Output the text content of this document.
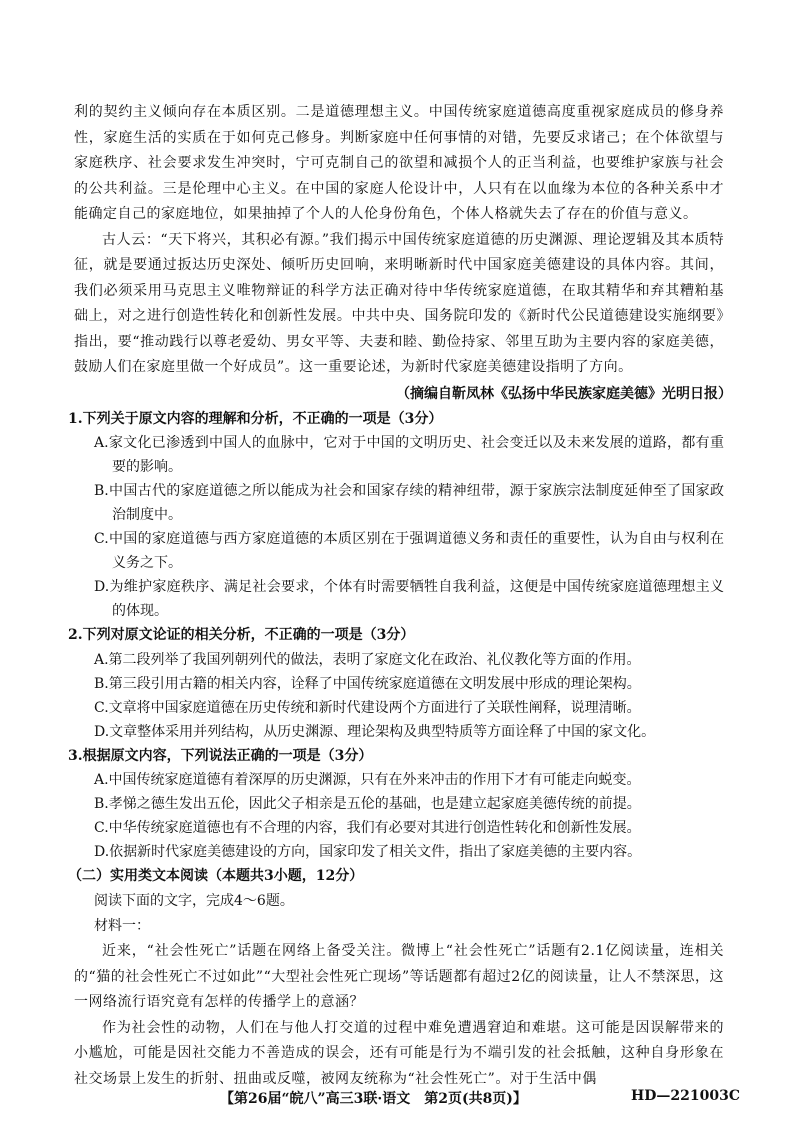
利的契约主义倾向存在本质区别。二是道德理想主义。中国传统家庭道德高度重视家庭成员的修身养性，家庭生活的实质在于如何克己修身。判断家庭中任何事情的对错，先要反求诸己；在个体欲望与家庭秩序、社会要求发生冲突时，宁可克制自己的欲望和减损个人的正当利益，也要维护家族与社会的公共利益。三是伦理中心主义。在中国的家庭人伦设计中，人只有在以血缘为本位的各种关系中才能确定自己的家庭地位，如果抽掉了个人的人伦身份角色，个体人格就失去了存在的价值与意义。

古人云：“天下将兴，其积必有源。”我们揭示中国传统家庭道德的历史渊源、理论逻辑及其本质特征，就是要通过扳达历史深处、倾听历史回响，来明晰新时代中国家庭美德建设的具体内容。其间，我们必须采用马克思主义唯物辩证的科学方法正确对待中华传统家庭道德，在取其精华和弃其糟粕基础上，对之进行创造性转化和创新性发展。中共中央、国务院印发的《新时代公民道德建设实施纲要》指出，要“推动践行以尊老爱幼、男女平等、夫妻和睦、勤俭持家、邻里互助为主要内容的家庭美德，鼓励人们在家庭里做一个好成员”。这一重要论述，为新时代家庭美德建设指明了方向。

（摘编自靳凤林《弘扬中华民族家庭美德》光明日报）

1.下列关于原文内容的理解和分析，不正确的一项是（3分）

A.家文化已渗透到中国人的血脉中，它对于中国的文明历史、社会变迁以及未来发展的道路，都有重要的影响。

B.中国古代的家庭道德之所以能成为社会和国家存续的精神纽带，源于家族宗法制度延伸至了国家政治制度中。

C.中国的家庭道德与西方家庭道德的本质区别在于强调道德义务和责任的重要性，认为自由与权利在义务之下。

D.为维护家庭秩序、满足社会要求，个体有时需要牺牲自我利益，这便是中国传统家庭道德理想主义的体现。

2.下列对原文论证的相关分析，不正确的一项是（3分）

A.第二段列举了我国列朝列代的做法，表明了家庭文化在政治、礼仪教化等方面的作用。

B.第三段引用古籍的相关内容，诠释了中国传统家庭道德在文明发展中形成的理论架构。

C.文章将中国家庭道德在历史传统和新时代建设两个方面进行了关联性阐释，说理清晰。

D.文章整体采用并列结构，从历史渊源、理论架构及典型特质等方面诠释了中国的家文化。

3.根据原文内容，下列说法正确的一项是（3分）

A.中国传统家庭道德有着深厚的历史渊源，只有在外来冲击的作用下才有可能走向蜕变。

B.孝悌之德生发出五伦，因此父子相亲是五伦的基础，也是建立起家庭美德传统的前提。

C.中华传统家庭道德也有不合理的内容，我们有必要对其进行创造性转化和创新性发展。

D.依据新时代家庭美德建设的方向，国家印发了相关文件，指出了家庭美德的主要内容。

（二）实用类文本阅读（本题共3小题，12分）

阅读下面的文字，完成4～6题。

材料一：

近来，“社会性死亡”话题在网络上备受关注。微博上“社会性死亡”话题有2.1亿阅读量，连相关的“猫的社会性死亡不过如此”“大型社会性死亡现场”等话题都有超过2亿的阅读量，让人不禁深思，这一网络流行语究竟有怎样的传播学上的意涵？

作为社会性的动物，人们在与他人打交道的过程中难免遭遇窘迫和难堪。这可能是因误解带来的小尴尬，可能是因社交能力不善造成的误会，还有可能是行为不端引发的社会抵触，这种自身形象在社交场景上发生的折射、扭曲或反噬，被网友统称为“社会性死亡”。对于生活中偶

【第26届“皖八”高三3联·语文　第2页(共8页)】	HD—221003C
